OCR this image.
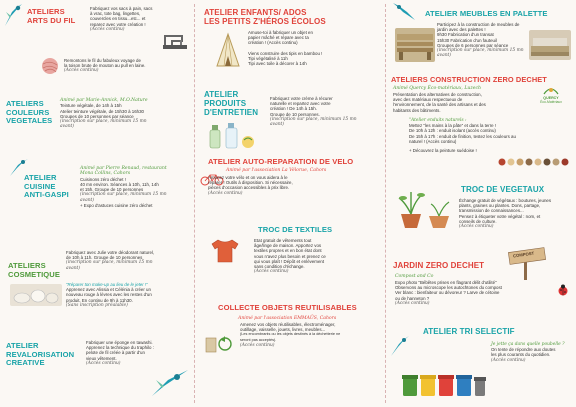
ATELIERS
ARTS DU FIL

Fabriquez vos sacs à pain, sacs

à vrac, tote bag, lingettes,

couvercles en tissu...etc... et

reparez avec votre création !

(Accès continu)

Remontons le fil du fabuleux voyage de

la toison brute de mouton au pull en laine.

(Accès continu)

ATELIERS
COULEURS
VEGETALES
Animé par Marie-Annick, M.O.Nature

Teinture végétale, de 14h à 15h

Atelier teinture végétale, de 15h30 à 16h30

Groupes de 10 personnes par séance

(inscription sur place, minimum 15 mn

avant)

ATELIER
CUISINE
ANTI-GASPI
Animé par Pierre Renaud, restaurant
Mona Collins, Cahors

Cuisinons zéro déchet !

40 mn environ. Séances à 10h, 11h, 14h

et 15h. Groupe de 10 personnes

(inscription sur place, minimum 15 mn

avant)

+ Expo d'astuces cuisine zéro déchet

ATELIERS
COSMETIQUE

Fabriquez avec Julie votre déodorant naturel,

de 10h à 11h. Groupe de 10 personnes

(inscription sur place, minimum 15 mn

avant)

"Réparer ton make-up au lieu de le jeter !"

Apprenez avec Alissia et Célénia à créer un

nouveau rouge à lèvres avec les restes d'un

produit. En continu de 9h à 11h30.

(Sans inscription préalable)

ATELIER
REVALORISATION
CREATIVE

Fabriquer une éponge en tawashi.

Apprenez la technique du traphilo :

pelote de fil créée à partir d'un

vieux vêtement.

(Accès continu)

ATELIER ENFANTS/ ADOS
LES PETITS Z'HÉROS ÉCOLOS

Amuse-toi à fabriquer un objet en

papier mâché et répare avec ta

création ! (Accès continu)

Viens construire des tipis en bambou !

Tipi végétalisé à 11h

Tipi avec toile à décorer à 14h

ATELIER
PRODUITS
D'ENTRETIEN

Fabriquez votre crème à récurer

naturelle et repartez avec votre

création ! De 14h à 15h.

Groupe de 10 personnes.

(inscription sur place, minimum 15 mn

avant)

ATELIER AUTO-REPARATION DE VELO
Animé par l'association La Vélorue, Cahors

Amenez votre vélo et on vous aidera à le

réparer ! Outils à disposition. Si nécessaire,

pièces d'occasion accessibles à prix libre.

(Accès continu)

TROC DE TEXTILES

Etat gratuit de vêtements tout

âge/linge de maison. Apportez vos

textiles propres et en bon état dont

vous n'avez plus besoin et prenez ce

qui vous plaît ! Dépôt et enlèvement

sans condition d'échange.

(Accès continu)

COLLECTE OBJETS REUTILISABLES
Animé par l'association EMMAÜS, Cahors

Amenez vos objets réutilisables, électroménager,

outillage, vaisselle, jouets, livres, meubles...

(Les encombrants ou les objets destinés à la déchetterie ne

seront pas acceptés).

(Accès continu)

ATELIER MEUBLES EN PALETTE

Participez à la construction de meubles de

jardin avec des palettes !

9h30 Fabrication d'un transat

15h30 Fabrication d'un fauteuil

Groupes de 6 personnes par séance

(inscription sur place, minimum 15 mn avant)

ATELIERS CONSTRUCTION ZERO DECHET
Animé Quercy Éco-matériaux, Luzech
QUERCY
Éco-Matériaux

Présentation des alternatives de construction,

avec des matériaux respectueux de

l'environnement, de la santé des artisans et des

habitants des bâtiments.

"Atelier enduits naturels :

Mettez "les mains à la pâte" et dans la terre !

De 10h à 12h : enduit isolant (accès continu)

De 15h à 17h : enduit de finition, testez les couleurs au

naturel ! (Accès continu)

+ Découvrez la peinture suédoise !
TROC DE VEGETAUX

Échange gratuit de végétaux : boutures, jeunes

plants, graines ou plantes. Dons, partage,

transmission de connaissances...

Pensez à étiqueter votre végétal : nom, et

conseils de culture.

(Accès continu)

JARDIN ZERO DECHET
COMPOST
Compost and Co

Expo photo "Bébêtes prises en flagrant délit d'utilité"

Observons au microscope les autochtones du compost

Ver blanc : bienfaiteur ou dévoreur ? Larve de cétoine

ou de hanneton ?

(Accès continu)

ATELIER TRI SELECTIF

Je jette ça dans quelle poubelle ?

On tente de répondre aux doutes

les plus courants du quotidien.

(Accès continu)
